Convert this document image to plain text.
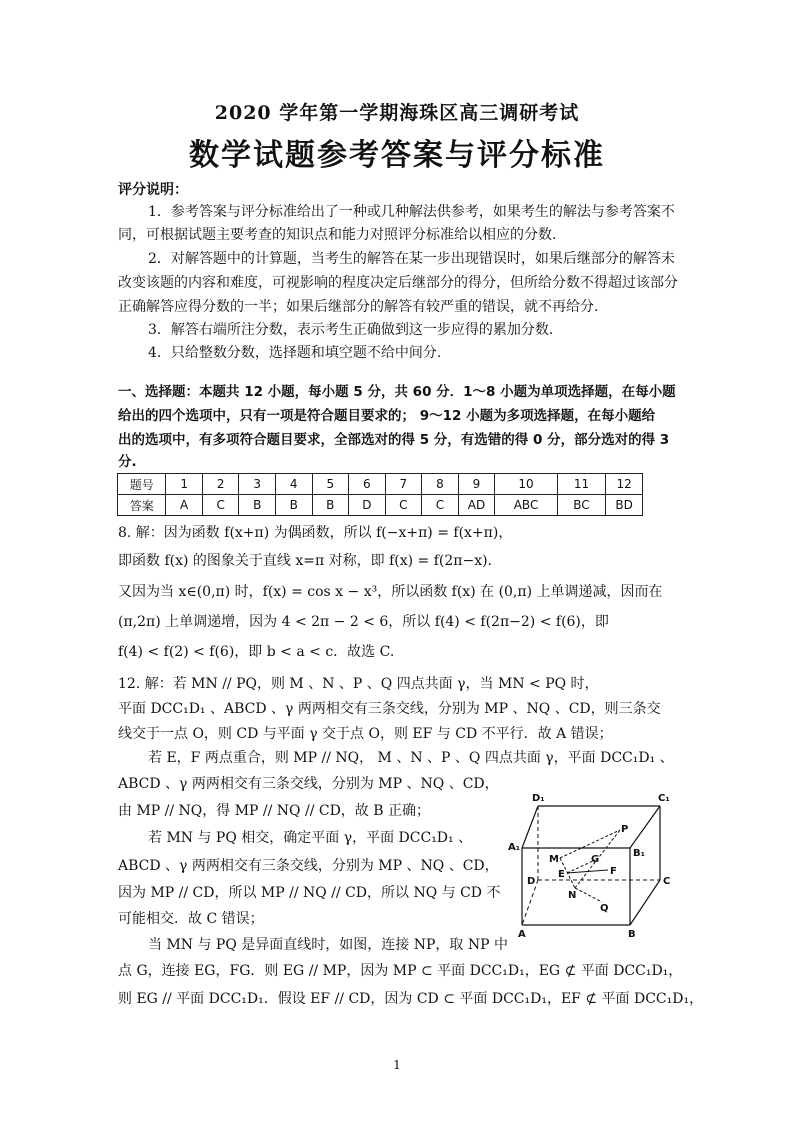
2020 学年第一学期海珠区高三调研考试
数学试题参考答案与评分标准
评分说明：
1．参考答案与评分标准给出了一种或几种解法供参考，如果考生的解法与参考答案不
同，可根据试题主要考查的知识点和能力对照评分标准给以相应的分数.
2．对解答题中的计算题，当考生的解答在某一步出现错误时，如果后继部分的解答未
改变该题的内容和难度，可视影响的程度决定后继部分的得分，但所给分数不得超过该部分
正确解答应得分数的一半；如果后继部分的解答有较严重的错误，就不再给分.
3．解答右端所注分数，表示考生正确做到这一步应得的累加分数.
4．只给整数分数，选择题和填空题不给中间分.
一、选择题：本题共 12 小题，每小题 5 分，共 60 分．1～8 小题为单项选择题，在每小题
给出的四个选项中，只有一项是符合题目要求的； 9～12 小题为多项选择题，在每小题给
出的选项中，有多项符合题目要求，全部选对的得 5 分，有选错的得 0 分，部分选对的得 3
分.
题号	1	2	3	4	5	6	7	8	9	10	11	12
答案	A	C	B	B	B	D	C	C	AD	ABC	BC	BD
8. 解：因为函数 f(x+π) 为偶函数，所以 f(−x+π) = f(x+π)，
即函数 f(x) 的图象关于直线 x=π 对称，即 f(x) = f(2π−x).
又因为当 x∈(0,π) 时，f(x) = cos x − x³，所以函数 f(x) 在 (0,π) 上单调递减，因而在
(π,2π) 上单调递增，因为 4 < 2π − 2 < 6，所以 f(4) < f(2π−2) < f(6)，即
f(4) < f(2) < f(6)，即 b < a < c．故选 C.
12. 解：若 MN // PQ，则 M 、N 、P 、Q 四点共面 γ，当 MN < PQ 时，
平面 DCC₁D₁ 、ABCD 、γ 两两相交有三条交线，分别为 MP 、NQ 、CD，则三条交
线交于一点 O，则 CD 与平面 γ 交于点 O，则 EF 与 CD 不平行．故 A 错误；
若 E，F 两点重合，则 MP // NQ， M 、N 、P 、Q 四点共面 γ，平面 DCC₁D₁ 、
ABCD 、γ 两两相交有三条交线，分别为 MP 、NQ 、CD，
由 MP // NQ，得 MP // NQ // CD，故 B 正确；
若 MN 与 PQ 相交，确定平面 γ，平面 DCC₁D₁ 、
ABCD 、γ 两两相交有三条交线，分别为 MP 、NQ 、CD，
因为 MP // CD，所以 MP // NQ // CD，所以 NQ 与 CD 不
可能相交．故 C 错误；
当 MN 与 PQ 是异面直线时，如图，连接 NP，取 NP 中
点 G，连接 EG，FG．则 EG // MP，因为 MP ⊂ 平面 DCC₁D₁，EG ⊄ 平面 DCC₁D₁，
则 EG // 平面 DCC₁D₁．假设 EF // CD，因为 CD ⊂ 平面 DCC₁D₁，EF ⊄ 平面 DCC₁D₁，
D₁	C₁
A₁
B₁
D	C
A	B
P
M	G
E	F
N
Q
1
